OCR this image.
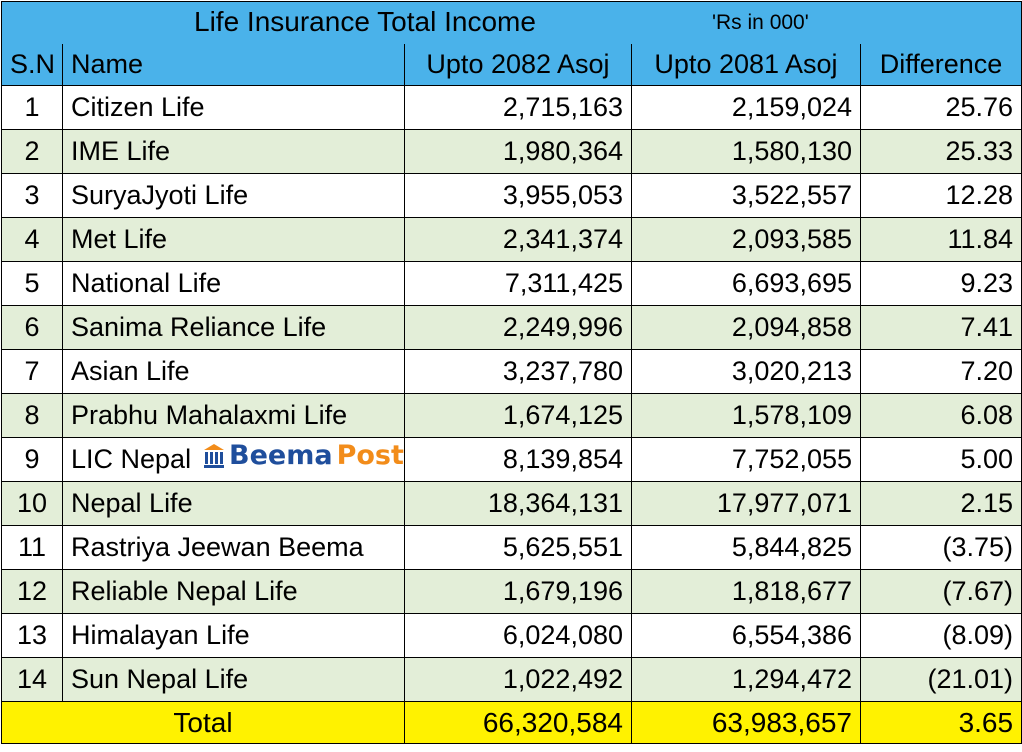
Life Insurance Total Income 'Rs in 000'				

S.N	Name	Upto 2082 Asoj	Upto 2081 Asoj	Difference
1	Citizen Life	2,715,163	2,159,024	25.76
2	IME Life	1,980,364	1,580,130	25.33
3	SuryaJyoti Life	3,955,053	3,522,557	12.28
4	Met Life	2,341,374	2,093,585	11.84
5	National Life	7,311,425	6,693,695	9.23
6	Sanima Reliance Life	2,249,996	2,094,858	7.41
7	Asian Life	3,237,780	3,020,213	7.20
8	Prabhu Mahalaxmi Life	1,674,125	1,578,109	6.08
9	LIC Nepal Beema Post	8,139,854	7,752,055	5.00
10	Nepal Life	18,364,131	17,977,071	2.15
11	Rastriya Jeewan Beema	5,625,551	5,844,825	(3.75)
12	Reliable Nepal Life	1,679,196	1,818,677	(7.67)
13	Himalayan Life	6,024,080	6,554,386	(8.09)
14	Sun Nepal Life	1,022,492	1,294,472	(21.01)
Total		66,320,584	63,983,657	3.65
